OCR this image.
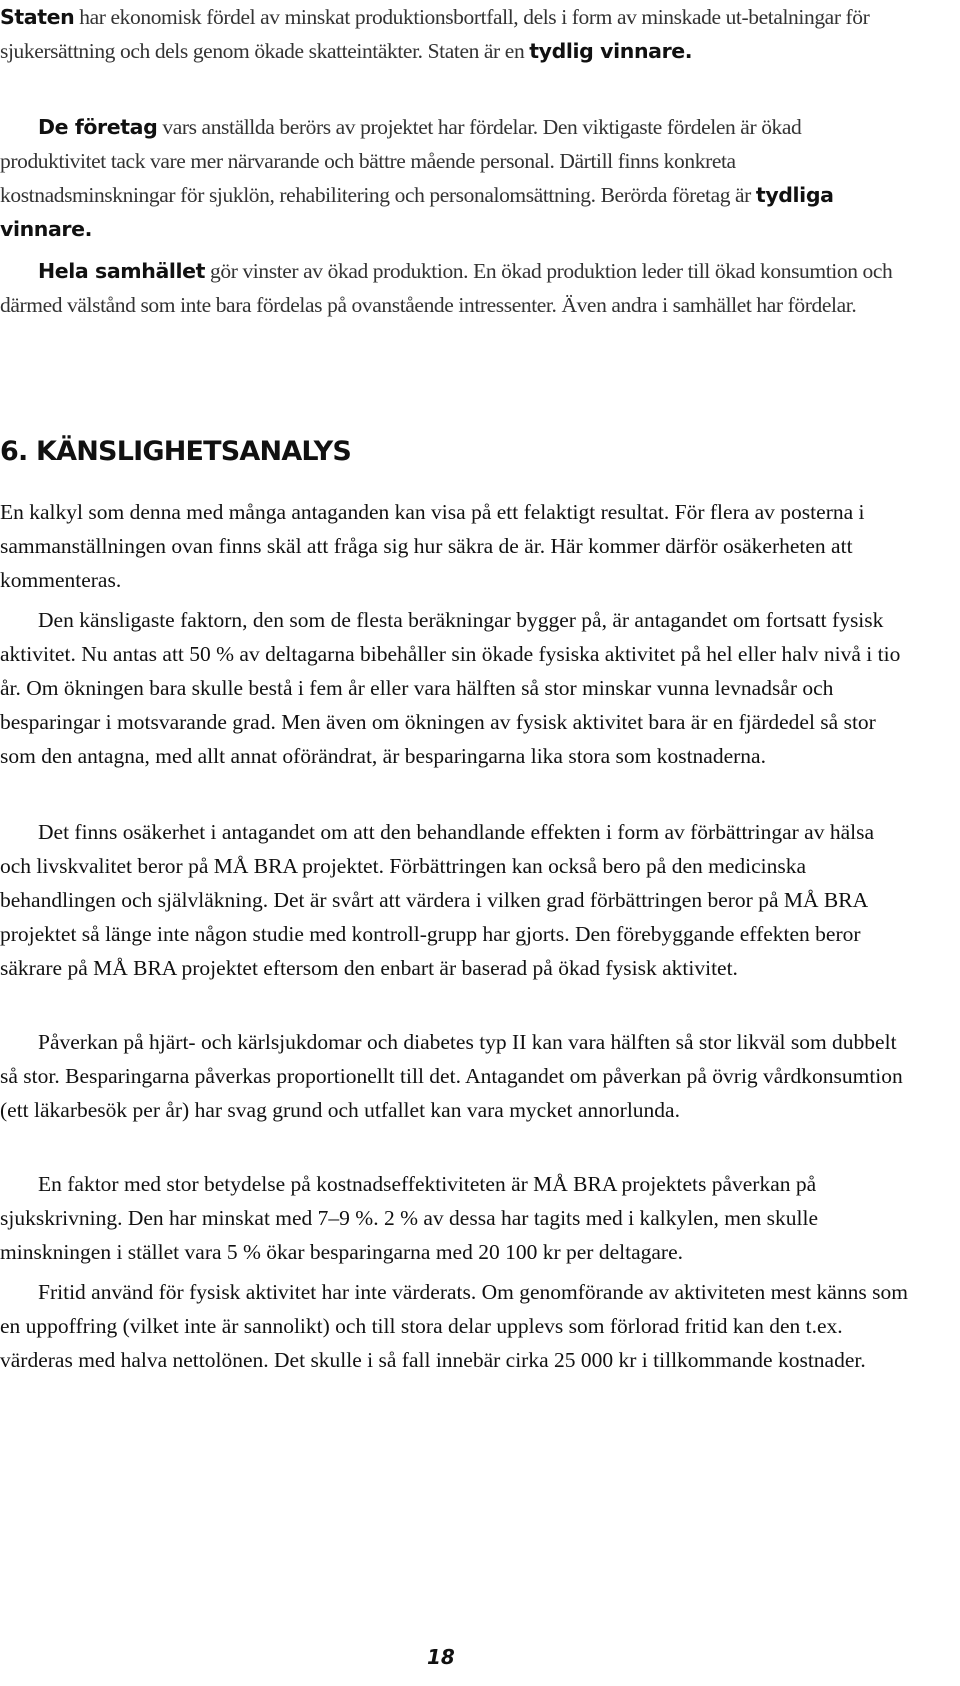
Staten har ekonomisk fördel av minskat produktionsbortfall, dels i form av minskade ut-betalningar för sjukersättning och dels genom ökade skatteintäkter. Staten är en tydlig vinnare.

De företag vars anställda berörs av projektet har fördelar. Den viktigaste fördelen är ökad produktivitet tack vare mer närvarande och bättre mående personal. Därtill finns konkreta kostnadsminskningar för sjuklön, rehabilitering och personalomsättning. Berörda företag är tydliga vinnare.

Hela samhället gör vinster av ökad produktion. En ökad produktion leder till ökad konsumtion och därmed välstånd som inte bara fördelas på ovanstående intressenter. Även andra i samhället har fördelar.

6. KÄNSLIGHETSANALYS

En kalkyl som denna med många antaganden kan visa på ett felaktigt resultat. För flera av posterna i sammanställningen ovan finns skäl att fråga sig hur säkra de är. Här kommer därför osäkerheten att kommenteras.

Den känsligaste faktorn, den som de flesta beräkningar bygger på, är antagandet om fortsatt fysisk aktivitet. Nu antas att 50 % av deltagarna bibehåller sin ökade fysiska aktivitet på hel eller halv nivå i tio år. Om ökningen bara skulle bestå i fem år eller vara hälften så stor minskar vunna levnadsår och besparingar i motsvarande grad. Men även om ökningen av fysisk aktivitet bara är en fjärdedel så stor som den antagna, med allt annat oförändrat, är besparingarna lika stora som kostnaderna.

Det finns osäkerhet i antagandet om att den behandlande effekten i form av förbättringar av hälsa och livskvalitet beror på MÅ BRA projektet. Förbättringen kan också bero på den medicinska behandlingen och självläkning. Det är svårt att värdera i vilken grad förbättringen beror på MÅ BRA projektet så länge inte någon studie med kontroll-grupp har gjorts. Den förebyggande effekten beror säkrare på MÅ BRA projektet eftersom den enbart är baserad på ökad fysisk aktivitet.

Påverkan på hjärt- och kärlsjukdomar och diabetes typ II kan vara hälften så stor likväl som dubbelt så stor. Besparingarna påverkas proportionellt till det. Antagandet om påverkan på övrig vårdkonsumtion (ett läkarbesök per år) har svag grund och utfallet kan vara mycket annorlunda.

En faktor med stor betydelse på kostnadseffektiviteten är MÅ BRA projektets påverkan på sjukskrivning. Den har minskat med 7–9 %. 2 % av dessa har tagits med i kalkylen, men skulle minskningen i stället vara 5 % ökar besparingarna med 20 100 kr per deltagare.

Fritid använd för fysisk aktivitet har inte värderats. Om genomförande av aktiviteten mest känns som en uppoffring (vilket inte är sannolikt) och till stora delar upplevs som förlorad fritid kan den t.ex. värderas med halva nettolönen. Det skulle i så fall innebär cirka 25 000 kr i tillkommande kostnader.

18
